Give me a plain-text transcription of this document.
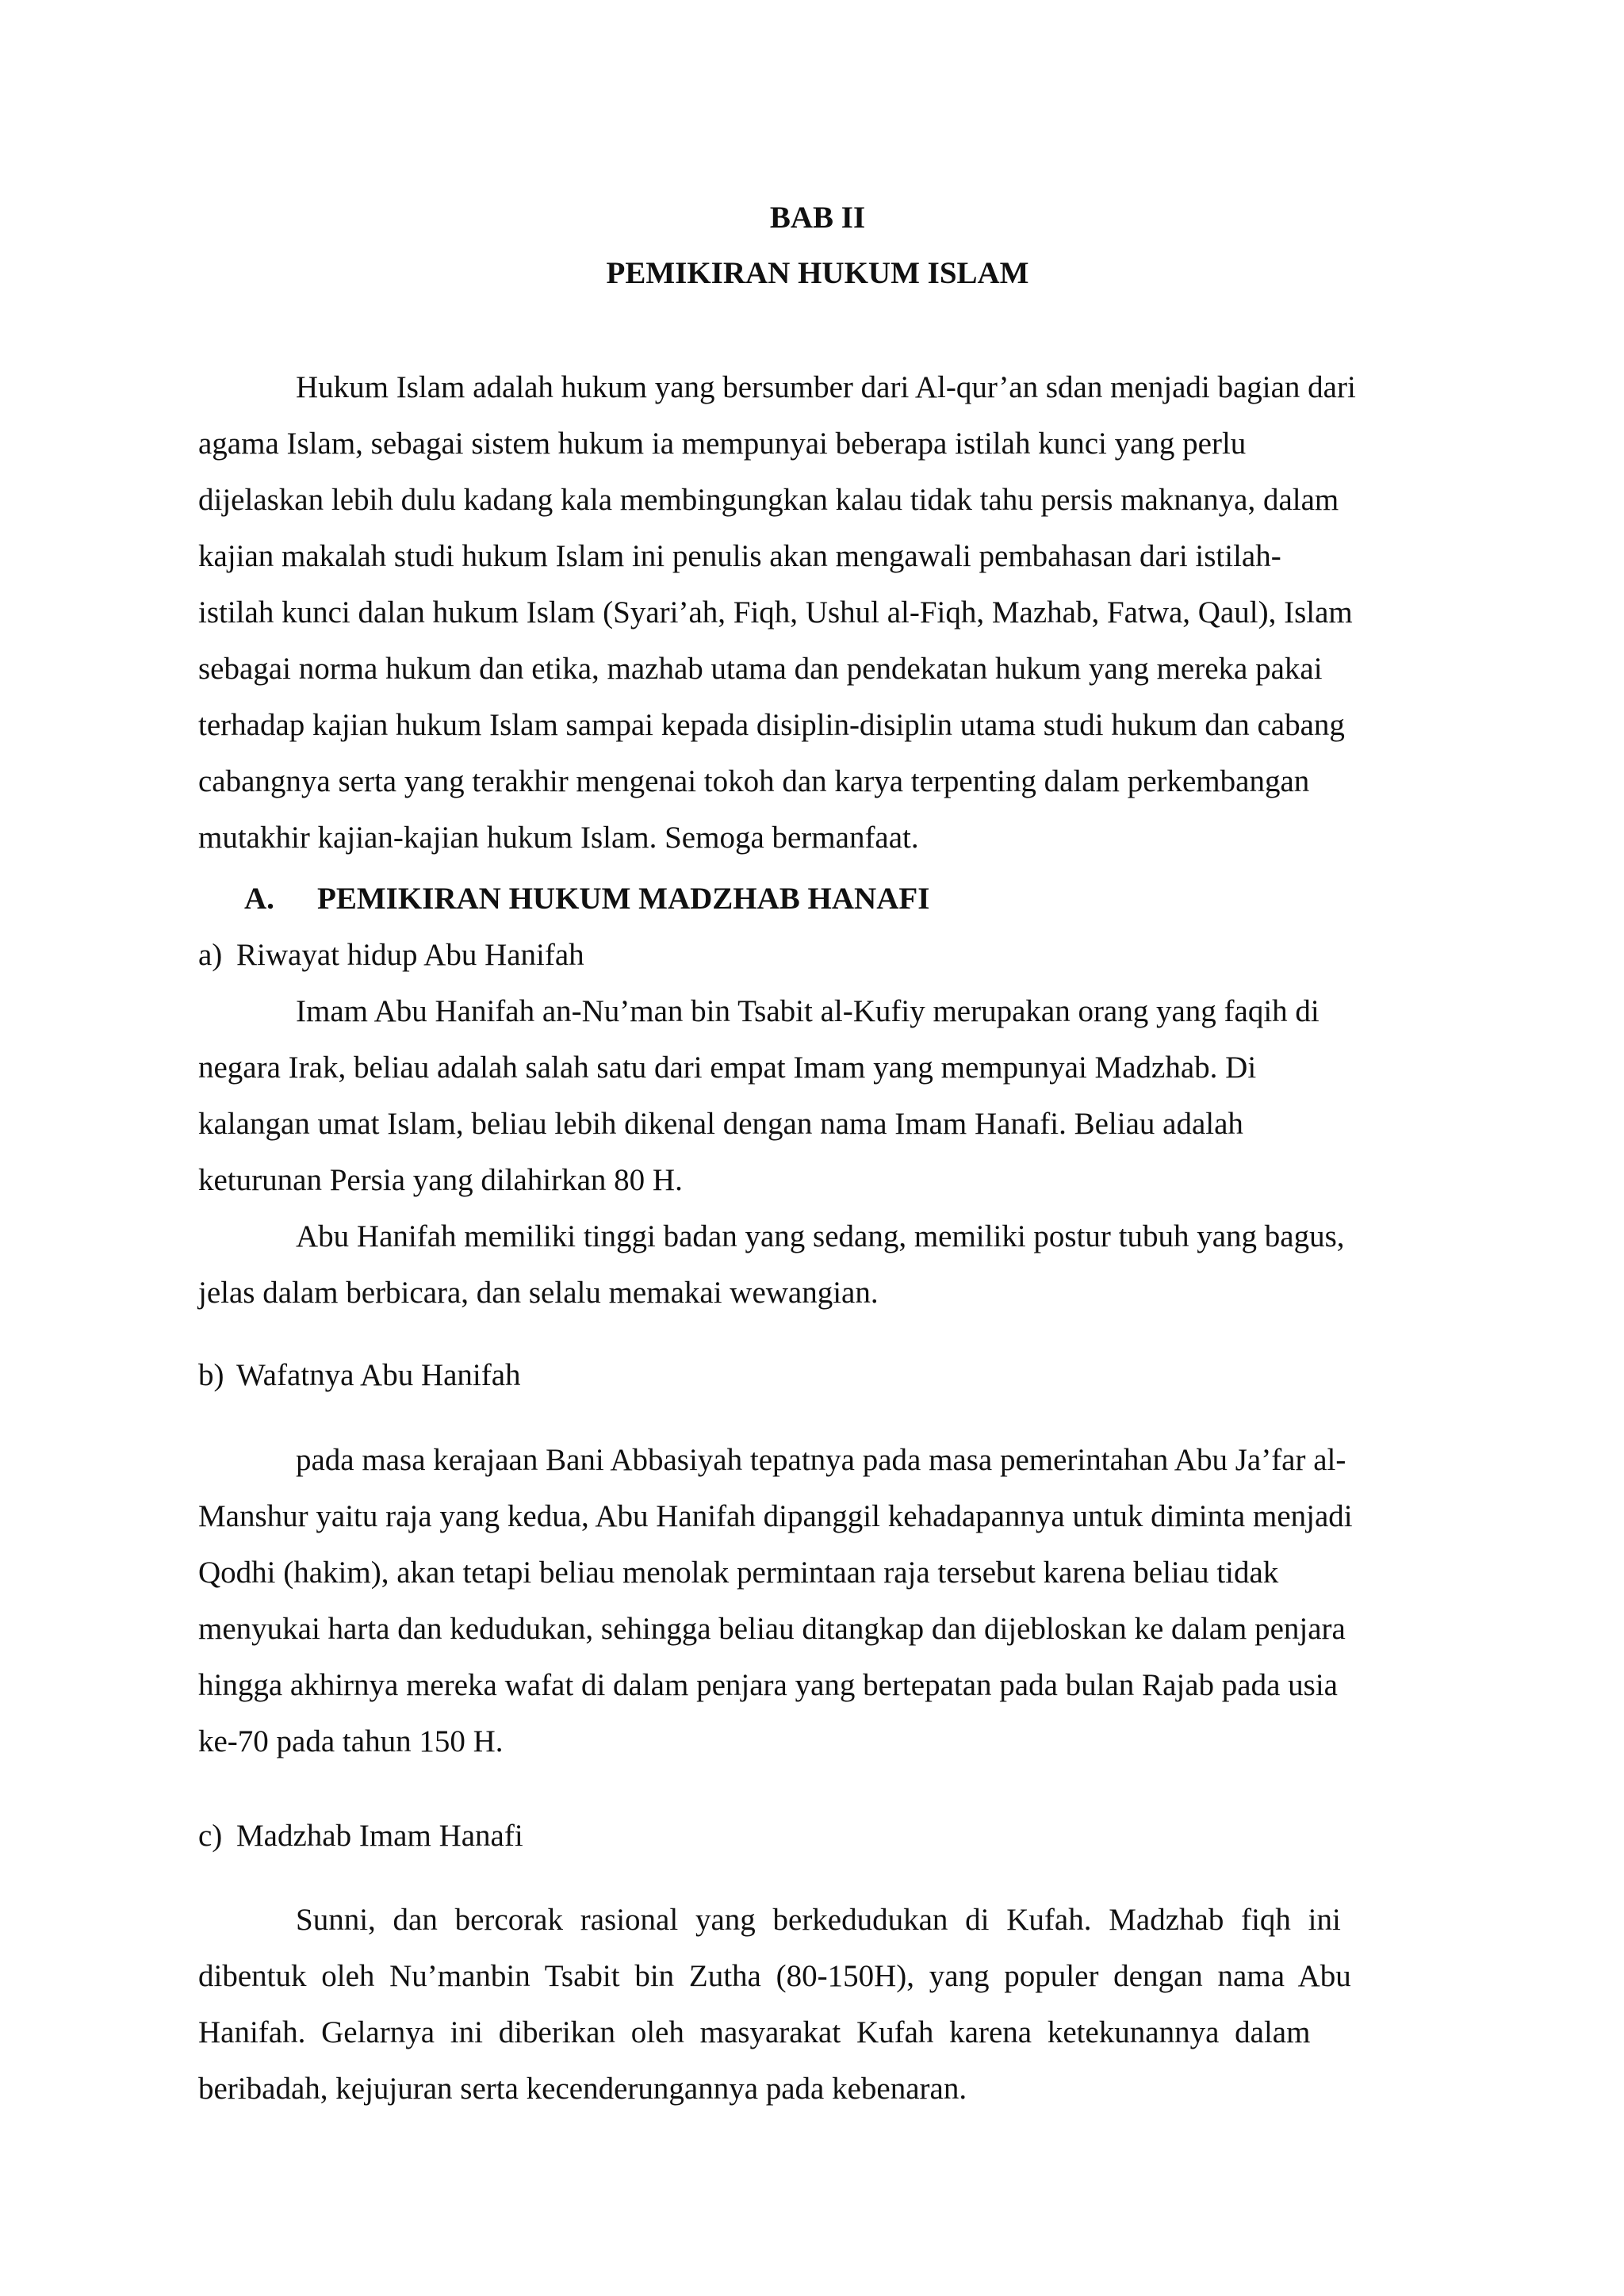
BAB II
PEMIKIRAN HUKUM ISLAM
Hukum Islam adalah hukum yang bersumber dari Al-qur’an sdan menjadi bagian dari
agama Islam, sebagai sistem hukum ia mempunyai beberapa istilah kunci yang perlu
dijelaskan lebih dulu kadang kala membingungkan kalau tidak tahu persis maknanya, dalam
kajian makalah studi hukum Islam ini penulis akan mengawali pembahasan dari istilah-
istilah kunci dalan hukum Islam (Syari’ah, Fiqh, Ushul al-Fiqh, Mazhab, Fatwa, Qaul), Islam
sebagai norma hukum dan etika, mazhab utama dan pendekatan hukum yang mereka pakai
terhadap kajian hukum Islam sampai kepada disiplin-disiplin utama studi hukum dan cabang
cabangnya serta yang terakhir mengenai tokoh dan karya terpenting dalam perkembangan
mutakhir kajian-kajian hukum Islam. Semoga bermanfaat.
A. PEMIKIRAN HUKUM MADZHAB HANAFI
a) Riwayat hidup Abu Hanifah
Imam Abu Hanifah an-Nu’man bin Tsabit al-Kufiy merupakan orang yang faqih di
negara Irak, beliau adalah salah satu dari empat Imam yang mempunyai Madzhab. Di
kalangan umat Islam, beliau lebih dikenal dengan nama Imam Hanafi. Beliau adalah
keturunan Persia yang dilahirkan 80 H.
Abu Hanifah memiliki tinggi badan yang sedang, memiliki postur tubuh yang bagus,
jelas dalam berbicara, dan selalu memakai wewangian.
b) Wafatnya Abu Hanifah
pada masa kerajaan Bani Abbasiyah tepatnya pada masa pemerintahan Abu Ja’far al-
Manshur yaitu raja yang kedua, Abu Hanifah dipanggil kehadapannya untuk diminta menjadi
Qodhi (hakim), akan tetapi beliau menolak permintaan raja tersebut karena beliau tidak
menyukai harta dan kedudukan, sehingga beliau ditangkap dan dijebloskan ke dalam penjara
hingga akhirnya mereka wafat di dalam penjara yang bertepatan pada bulan Rajab pada usia
ke-70 pada tahun 150 H.
c) Madzhab Imam Hanafi
Sunni, dan bercorak rasional yang berkedudukan di Kufah. Madzhab fiqh ini
dibentuk oleh Nu’manbin Tsabit bin Zutha (80-150H), yang populer dengan nama Abu
Hanifah. Gelarnya ini diberikan oleh masyarakat Kufah karena ketekunannya dalam
beribadah, kejujuran serta kecenderungannya pada kebenaran.
